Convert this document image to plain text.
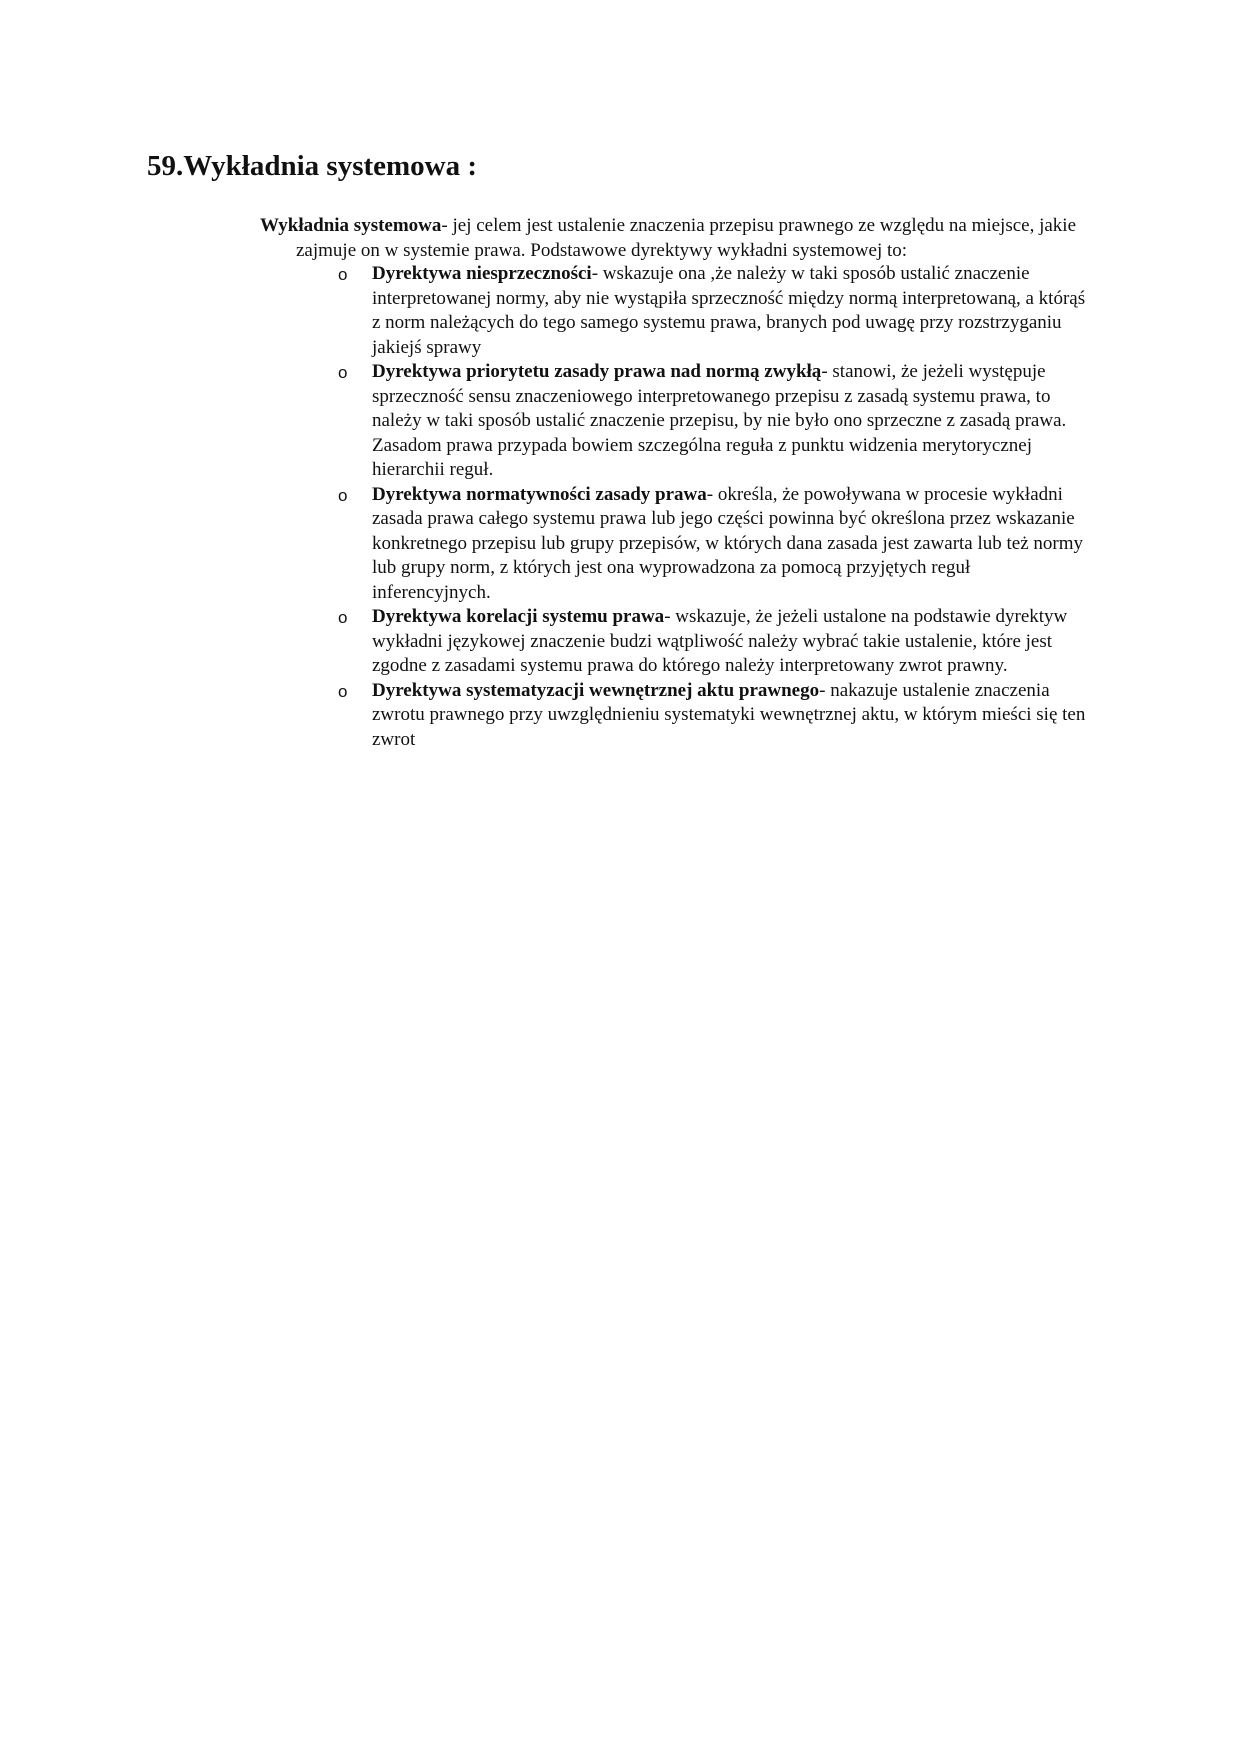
59.Wykładnia systemowa :

Wykładnia systemowa- jej celem jest ustalenie znaczenia przepisu prawnego ze względu na miejsce, jakie zajmuje on w systemie prawa. Podstawowe dyrektywy wykładni systemowej to:

o Dyrektywa niesprzeczności- wskazuje ona ,że należy w taki sposób ustalić znaczenie interpretowanej normy, aby nie wystąpiła sprzeczność między normą interpretowaną, a którąś z norm należących do tego samego systemu prawa, branych pod uwagę przy rozstrzyganiu jakiejś sprawy
o Dyrektywa priorytetu zasady prawa nad normą zwykłą- stanowi, że jeżeli występuje sprzeczność sensu znaczeniowego interpretowanego przepisu z zasadą systemu prawa, to należy w taki sposób ustalić znaczenie przepisu, by nie było ono sprzeczne z zasadą prawa. Zasadom prawa przypada bowiem szczególna reguła z punktu widzenia merytorycznej hierarchii reguł.
o Dyrektywa normatywności zasady prawa- określa, że powoływana w procesie wykładni zasada prawa całego systemu prawa lub jego części powinna być określona przez wskazanie konkretnego przepisu lub grupy przepisów, w których dana zasada jest zawarta lub też normy lub grupy norm, z których jest ona wyprowadzona za pomocą przyjętych reguł inferencyjnych.
o Dyrektywa korelacji systemu prawa- wskazuje, że jeżeli ustalone na podstawie dyrektyw wykładni językowej znaczenie budzi wątpliwość należy wybrać takie ustalenie, które jest zgodne z zasadami systemu prawa do którego należy interpretowany zwrot prawny.
o Dyrektywa systematyzacji wewnętrznej aktu prawnego- nakazuje ustalenie znaczenia zwrotu prawnego przy uwzględnieniu systematyki wewnętrznej aktu, w którym mieści się ten zwrot
